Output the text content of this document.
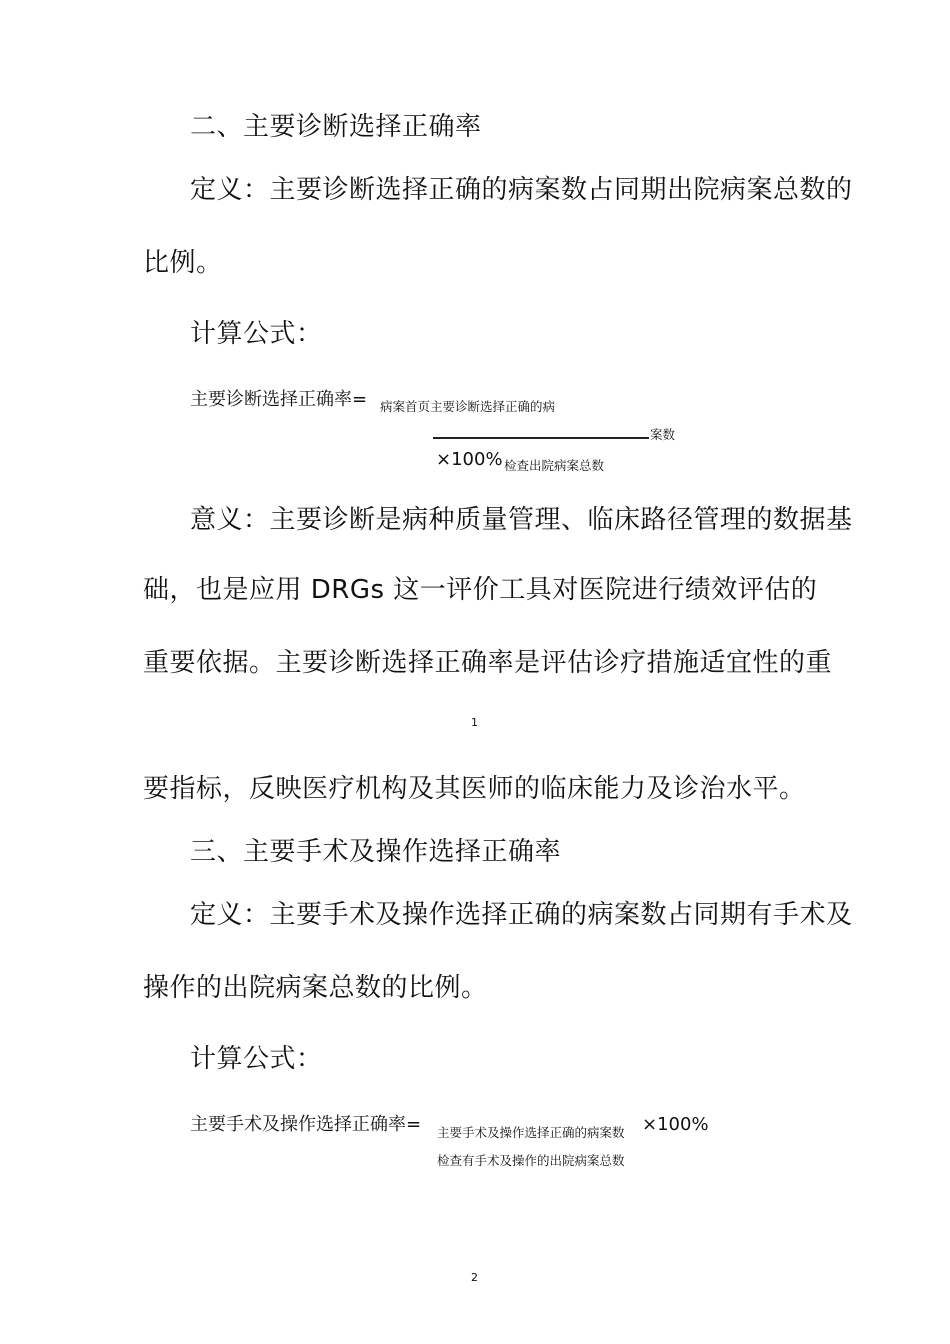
二、主要诊断选择正确率
定义：主要诊断选择正确的病案数占同期出院病案总数的
比例。
计算公式：
主要诊断选择正确率= 病案首页主要诊断选择正确的病
案数
×100% 检查出院病案总数
意义：主要诊断是病种质量管理、临床路径管理的数据基
础，也是应用 DRGs 这一评价工具对医院进行绩效评估的
重要依据。主要诊断选择正确率是评估诊疗措施适宜性的重
1
要指标，反映医疗机构及其医师的临床能力及诊治水平。
三、主要手术及操作选择正确率
定义：主要手术及操作选择正确的病案数占同期有手术及
操作的出院病案总数的比例。
计算公式：
主要手术及操作选择正确率= 主要手术及操作选择正确的病案数 ×100%
检查有手术及操作的出院病案总数
2
